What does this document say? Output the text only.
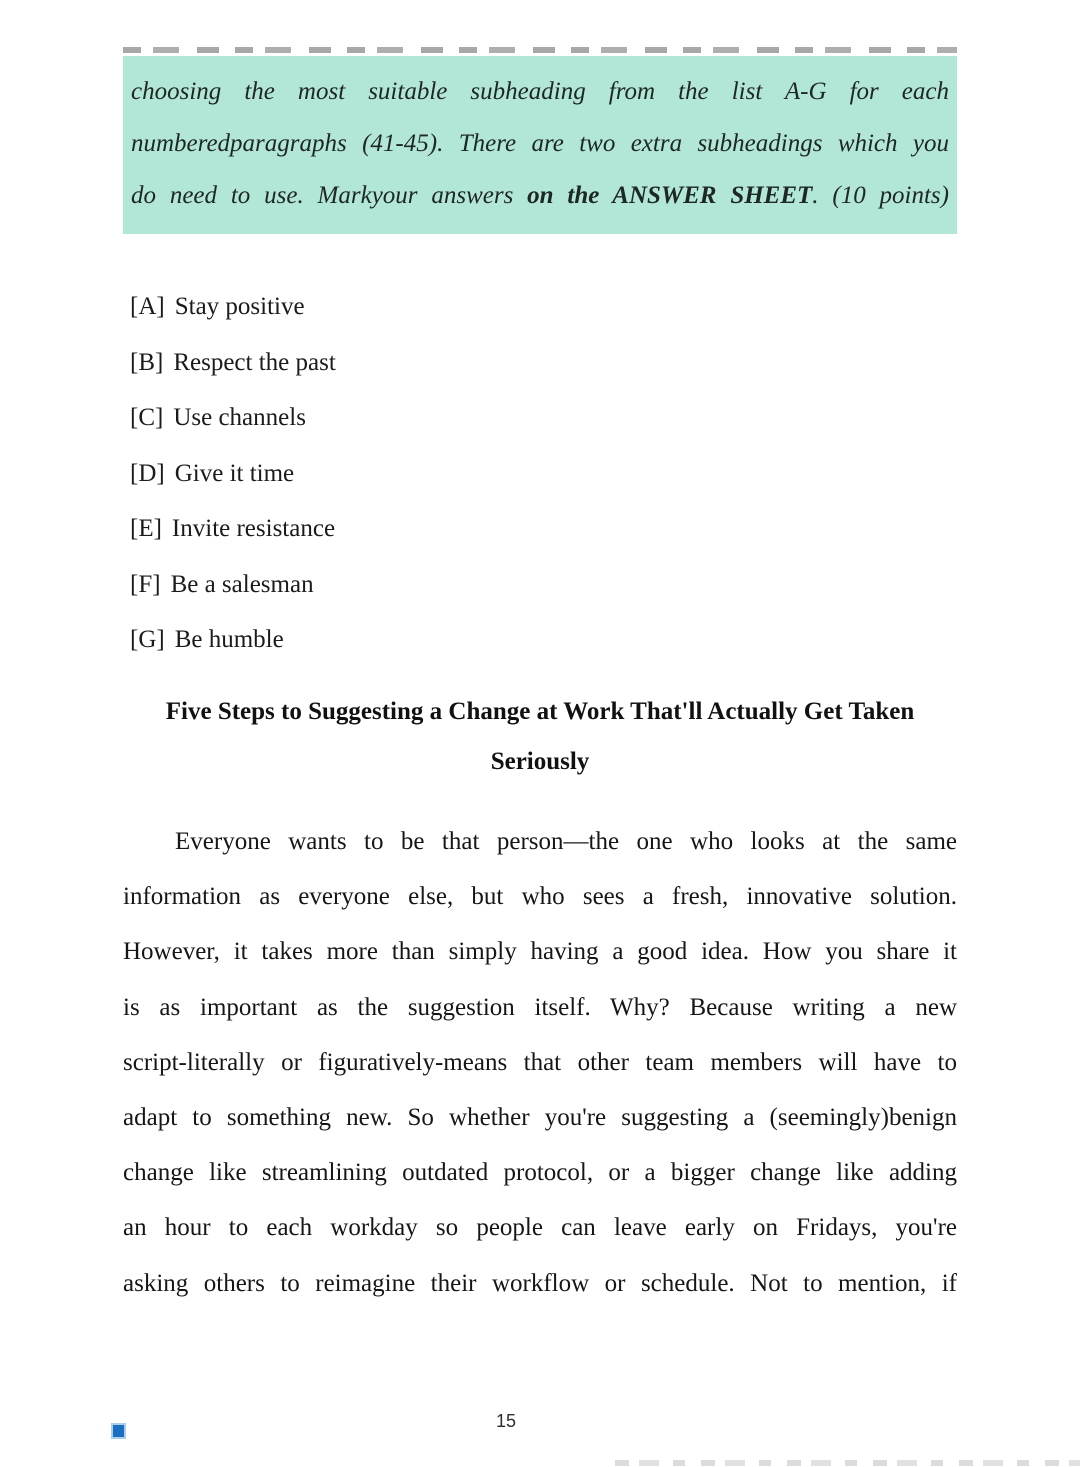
choosing the most suitable subheading from the list A-G for each
numberedparagraphs (41-45). There are two extra subheadings which you
do need to use. Markyour answers on the ANSWER SHEET. (10 points)
[A] Stay positive
[B] Respect the past
[C] Use channels
[D] Give it time
[E] Invite resistance
[F] Be a salesman
[G] Be humble
Five Steps to Suggesting a Change at Work That'll Actually Get Taken
Seriously
Everyone wants to be that person—the one who looks at the same
information as everyone else, but who sees a fresh, innovative solution.
However, it takes more than simply having a good idea. How you share it
is as important as the suggestion itself. Why? Because writing a new
script-literally or figuratively-means that other team members will have to
adapt to something new. So whether you're suggesting a (seemingly)benign
change like streamlining outdated protocol, or a bigger change like adding
an hour to each workday so people can leave early on Fridays, you're
asking others to reimagine their workflow or schedule. Not to mention, if
15
